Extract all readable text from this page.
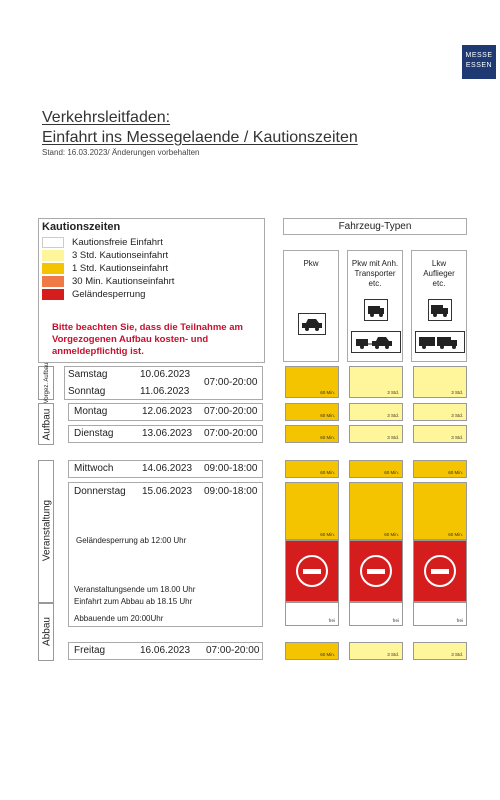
MESSE
ESSEN
Verkehrsleitfaden:
Einfahrt ins Messegelaende / Kautionszeiten
Stand: 16.03.2023/ Änderungen vorbehalten
Kautionszeiten
Kautionsfreie Einfahrt
3 Std. Kautionseinfahrt
1 Std. Kautionseinfahrt
30 Min. Kautionseinfahrt
Geländesperrung
Bitte beachten Sie, dass die Teilnahme am Vorgezogenen Aufbau kosten- und anmeldepflichtig ist.
Fahrzeug-Typen
Pkw	Pkw mit Anh.
Transporter
etc.
Lkw
Auflieger
etc.
Vorgez. Aufbau
Aufbau
Veranstaltung
Abbau
Samstag	10.06.2023
Sonntag	11.06.2023
07:00-20:00
Montag	12.06.2023 07:00-20:00
Dienstag	13.06.2023 07:00-20:00
Mittwoch	14.06.2023 09:00-18:00
Donnerstag 15.06.2023 09:00-18:00
Geländesperrung ab 12:00 Uhr
Veranstaltungsende um 18.00 Uhr
Einfahrt zum Abbau ab 18.15 Uhr
Abbauende um 20:00Uhr
Freitag	16.06.2023 07:00-20:00
60 Min.	3 Std.	3 Std.
60 Min.	3 Std.	3 Std.
60 Min.	3 Std.	3 Std.
60 Min.	60 Min.	60 Min.
60 Min.	60 Min.	60 Min.
frei	frei	frei
60 Min.	3 Std.	3 Std.
